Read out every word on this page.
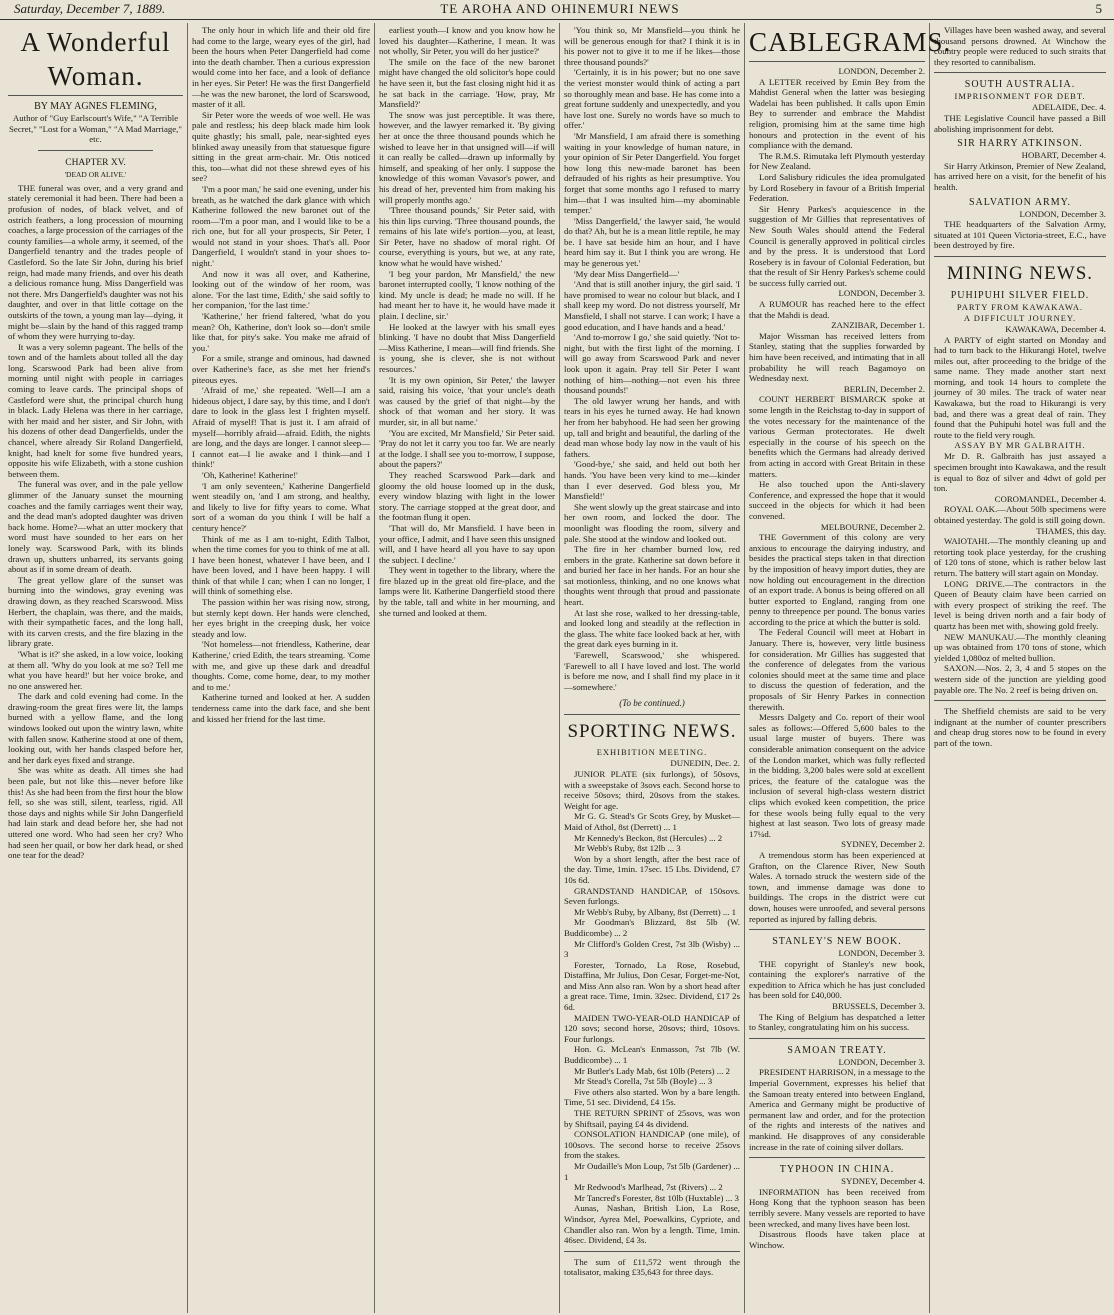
Saturday, December 7, 1889.	TE AROHA AND OHINEMURI NEWS	5
A Wonderful Woman.
BY MAY AGNES FLEMING,

Author of "Guy Earlscourt's Wife," "A Terrible Secret," "Lost for a Woman," "A Mad Marriage," etc.

CHAPTER XV.
'DEAD OR ALIVE.'

THE funeral was over, and a very grand and stately ceremonial it had been. There had been a profusion of nodes, of black velvet, and of ostrich feathers, a long procession of mourning coaches, a large procession of the carriages of the county families—a whole army, it seemed, of the Dangerfield tenantry and the trades people of Castleford. So the late Sir John, during his brief reign, had made many friends, and over his death a delicious romance hung. Miss Dangerfield was not there. Mrs Dangerfield's daughter was not his daughter, and over in that little cottage on the outskirts of the town, a young man lay—dying, it might be—slain by the hand of this ragged tramp of whom they were hurrying to-day.

It was a very solemn pageant. The bells of the town and of the hamlets about tolled all the day long. Scarswood Park had been alive from morning until night with people in carriages coming to leave cards. The principal shops of Castleford were shut, the principal church hung in black. Lady Helena was there in her carriage, with her maid and her sister, and Sir John, with his dozens of other dead Dangerfields, under the chancel, where already Sir Roland Dangerfield, knight, had knelt for some five hundred years, opposite his wife Elizabeth, with a stone cushion between them.

The funeral was over, and in the pale yellow glimmer of the January sunset the mourning coaches and the family carriages went their way, and the dead man's adopted daughter was driven back home. Home?—what an utter mockery that word must have sounded to her ears on her lonely way. Scarswood Park, with its blinds drawn up, shutters unbarred, its servants going about as if in some dream of death.

The great yellow glare of the sunset was burning into the windows, gray evening was drawing down, as they reached Scarswood. Miss Herbert, the chaplain, was there, and the maids, with their sympathetic faces, and the long hall, with its carven crests, and the fire blazing in the library grate.

'What is it?' she asked, in a low voice, looking at them all. 'Why do you look at me so? Tell me what you have heard!' but her voice broke, and no one answered her.

The dark and cold evening had come. In the drawing-room the great fires were lit, the lamps burned with a yellow flame, and the long windows looked out upon the wintry lawn, white with fallen snow. Katherine stood at one of them, looking out, with her hands clasped before her, and her dark eyes fixed and strange.

She was white as death. All times she had been pale, but not like this—never before like this! As she had been from the first hour the blow fell, so she was still, silent, tearless, rigid. All those days and nights while Sir John Dangerfield had lain stark and dead before her, she had not uttered one word. Who had seen her cry? Who had seen her quail, or bow her dark head, or shed one tear for the dead?

The only hour in which life and their old fire had come to the large, weary eyes of the girl, had been the hours when Peter Dangerfield had come into the death chamber. Then a curious expression would come into her face, and a look of defiance in her eyes. Sir Peter! He was the first Dangerfield—he was the new baronet, the lord of Scarswood, master of it all.

Sir Peter wore the weeds of woe well. He was pale and restless; his deep black made him look quite ghastly; his small, pale, near-sighted eyes blinked away uneasily from that statuesque figure sitting in the great arm-chair. Mr. Otis noticed this, too—what did not these shrewd eyes of his see?

'I'm a poor man,' he said one evening, under his breath, as he watched the dark glance with which Katherine followed the new baronet out of the room—'I'm a poor man, and I would like to be a rich one, but for all your prospects, Sir Peter, I would not stand in your shoes. That's all. Poor Dangerfield, I wouldn't stand in your shoes to-night.'

And now it was all over, and Katherine, looking out of the window of her room, was alone. 'For the last time, Edith,' she said softly to her companion, 'for the last time.'

'Katherine,' her friend faltered, 'what do you mean? Oh, Katherine, don't look so—don't smile like that, for pity's sake. You make me afraid of you.'

For a smile, strange and ominous, had dawned over Katherine's face, as she met her friend's piteous eyes.

'Afraid of me,' she repeated. 'Well—I am a hideous object, I dare say, by this time, and I don't dare to look in the glass lest I frighten myself. Afraid of myself! That is just it. I am afraid of myself—horribly afraid—afraid. Edith, the nights are long, and the days are longer. I cannot sleep—I cannot eat—I lie awake and I think—and I think!'

'Oh, Katherine! Katherine!'

'I am only seventeen,' Katherine Dangerfield went steadily on, 'and I am strong, and healthy, and likely to live for fifty years to come. What sort of a woman do you think I will be half a century hence?'

Think of me as I am to-night, Edith Talbot, when the time comes for you to think of me at all. I have been honest, whatever I have been, and I have been loved, and I have been happy. I will think of that while I can; when I can no longer, I will think of something else.

The passion within her was rising now, strong, but sternly kept down. Her hands were clenched, her eyes bright in the creeping dusk, her voice steady and low.

'Not homeless—not friendless, Katherine, dear Katherine,' cried Edith, the tears streaming. 'Come with me, and give up these dark and dreadful thoughts. Come, come home, dear, to my mother and to me.'

Katherine turned and looked at her. A sudden tenderness came into the dark face, and she bent and kissed her friend for the last time.

earliest youth—I know and you know how he loved his daughter—Katherine, I mean. It was not wholly, Sir Peter, you will do her justice?'

The smile on the face of the new baronet might have changed the old solicitor's hope could he have seen it, but the fast closing night hid it as he sat back in the carriage. 'How, pray, Mr Mansfield?'

The snow was just perceptible. It was there, however, and the lawyer remarked it. 'By giving her at once the three thousand pounds which he wished to leave her in that unsigned will—if will it can really be called—drawn up informally by himself, and speaking of her only. I suppose the knowledge of this woman Vavasor's power, and his dread of her, prevented him from making his will properly months ago.'

'Three thousand pounds,' Sir Peter said, with his thin lips curving. 'Three thousand pounds, the remains of his late wife's portion—you, at least, Sir Peter, have no shadow of moral right. Of course, everything is yours, but we, at any rate, know what he would have wished.'

'I beg your pardon, Mr Mansfield,' the new baronet interrupted coolly, 'I know nothing of the kind. My uncle is dead; he made no will. If he had meant her to have it, he would have made it plain. I decline, sir.'

He looked at the lawyer with his small eyes blinking. 'I have no doubt that Miss Dangerfield—Miss Katherine, I mean—will find friends. She is young, she is clever, she is not without resources.'

'It is my own opinion, Sir Peter,' the lawyer said, raising his voice, 'that your uncle's death was caused by the grief of that night—by the shock of that woman and her story. It was murder, sir, in all but name.'

'You are excited, Mr Mansfield,' Sir Peter said. 'Pray do not let it carry you too far. We are nearly at the lodge. I shall see you to-morrow, I suppose, about the papers?'

They reached Scarswood Park—dark and gloomy the old house loomed up in the dusk, every window blazing with light in the lower story. The carriage stopped at the great door, and the footman flung it open.

'That will do, Mr Mansfield. I have been in your office, I admit, and I have seen this unsigned will, and I have heard all you have to say upon the subject. I decline.'

They went in together to the library, where the fire blazed up in the great old fire-place, and the lamps were lit. Katherine Dangerfield stood there by the table, tall and white in her mourning, and she turned and looked at them.

'You think so, Mr Mansfield—you think he will be generous enough for that? I think it is in his power not to give it to me if he likes—those three thousand pounds?'

'Certainly, it is in his power; but no one save the veriest monster would think of acting a part so thoroughly mean and base. He has come into a great fortune suddenly and unexpectedly, and you have lost one. Surely no words have so much to offer.'

'Mr Mansfield, I am afraid there is something waiting in your knowledge of human nature, in your opinion of Sir Peter Dangerfield. You forget how long this new-made baronet has been defrauded of his rights as heir presumptive. You forget that some months ago I refused to marry him—that I was insulted him—my abominable temper.'

'Miss Dangerfield,' the lawyer said, 'he would do that? Ah, but he is a mean little reptile, he may be. I have sat beside him an hour, and I have heard him say it. But I think you are wrong. He may be generous yet.'

'My dear Miss Dangerfield—'

'And that is still another injury, the girl said. 'I have promised to wear no colour but black, and I shall keep my word. Do not distress yourself, Mr Mansfield, I shall not starve. I can work; I have a good education, and I have hands and a head.'

'And to-morrow I go,' she said quietly. 'Not to-night, but with the first light of the morning. I will go away from Scarswood Park and never look upon it again. Pray tell Sir Peter I want nothing of him—nothing—not even his three thousand pounds!'

The old lawyer wrung her hands, and with tears in his eyes he turned away. He had known her from her babyhood. He had seen her growing up, tall and bright and beautiful, the darling of the dead man whose body lay now in the vault of his fathers.

'Good-bye,' she said, and held out both her hands. 'You have been very kind to me—kinder than I ever deserved. God bless you, Mr Mansfield!'

She went slowly up the great staircase and into her own room, and locked the door. The moonlight was flooding the room, silvery and pale. She stood at the window and looked out.

The fire in her chamber burned low, red embers in the grate. Katherine sat down before it and buried her face in her hands. For an hour she sat motionless, thinking, and no one knows what thoughts went through that proud and passionate heart.

At last she rose, walked to her dressing-table, and looked long and steadily at the reflection in the glass. The white face looked back at her, with the great dark eyes burning in it.

'Farewell, Scarswood,' she whispered. 'Farewell to all I have loved and lost. The world is before me now, and I shall find my place in it—somewhere.'

(To be continued.)
SPORTING NEWS.
EXHIBITION MEETING.

DUNEDIN, Dec. 2.

JUNIOR PLATE (six furlongs), of 50sovs, with a sweepstake of 3sovs each. Second horse to receive 50sovs; third, 20sovs from the stakes. Weight for age.

Mr G. G. Stead's Gr Scots Grey, by Musket—Maid of Athol, 8st (Derrett) ... 1

Mr Kennedy's Beckon, 8st (Hercules) ... 2

Mr Webb's Ruby, 8st 12lb ... 3

Won by a short length, after the best race of the day. Time, 1min. 17sec. 15 Lbs. Dividend, £7 10s 6d.

GRANDSTAND HANDICAP, of 150sovs. Seven furlongs.

Mr Webb's Ruby, by Albany, 8st (Derrett) ... 1

Mr Goodman's Blizzard, 8st 5lb (W. Buddicombe) ... 2

Mr Clifford's Golden Crest, 7st 3lb (Wisby) ... 3

Forester, Tornado, La Rose, Rosebud, Distaffina, Mr Julius, Don Cesar, Forget-me-Not, and Miss Ann also ran. Won by a short head after a great race. Time, 1min. 32sec. Dividend, £17 2s 6d.

MAIDEN TWO-YEAR-OLD HANDICAP of 120 sovs; second horse, 20sovs; third, 10sovs. Four furlongs.

Hon. G. McLean's Enmasson, 7st 7lb (W. Buddicombe) ... 1

Mr Butler's Lady Mab, 6st 10lb (Peters) ... 2

Mr Stead's Corella, 7st 5lb (Boyle) ... 3

Five others also started. Won by a bare length. Time, 51 sec. Dividend, £4 15s.

THE RETURN SPRINT of 25sovs, was won by Shiftsail, paying £4 4s dividend.

CONSOLATION HANDICAP (one mile), of 100sovs. The second horse to receive 25sovs from the stakes.

Mr Oudaille's Mon Loup, 7st 5lb (Gardener) ... 1

Mr Redwood's Marlhead, 7st (Rivers) ... 2

Mr Tancred's Forester, 8st 10lb (Huxtable) ... 3

Aunas, Nashan, British Lion, La Rose, Windsor, Ayrea Mel, Poewalkins, Cypriote, and Chandler also ran. Won by a length. Time, 1min. 46sec. Dividend, £4 3s.

The sum of £11,572 went through the totalisator, making £35,643 for three days.

CABLEGRAMS.

LONDON, December 2.

A LETTER received by Emin Bey from the Mahdist General when the latter was besieging Wadelai has been published. It calls upon Emin Bey to surrender and embrace the Mahdist religion, promising him at the same time high honours and protection in the event of his compliance with the demand.

The R.M.S. Rimutaka left Plymouth yesterday for New Zealand.

Lord Salisbury ridicules the idea promulgated by Lord Rosebery in favour of a British Imperial Federation.

Sir Henry Parkes's acquiescence in the suggestion of Mr Gillies that representatives of New South Wales should attend the Federal Council is generally approved in political circles and by the press. It is understood that Lord Rosebery is in favour of Colonial Federation, but that the result of Sir Henry Parkes's scheme could be success fully carried out.

LONDON, December 3.

A RUMOUR has reached here to the effect that the Mahdi is dead.

ZANZIBAR, December 1.

Major Wissman has received letters from Stanley, stating that the supplies forwarded by him have been received, and intimating that in all probability he will reach Bagamoyo on Wednesday next.

BERLIN, December 2.

COUNT HERBERT BISMARCK spoke at some length in the Reichstag to-day in support of the votes necessary for the maintenance of the various German protectorates. He dwelt especially in the course of his speech on the benefits which the Germans had already derived from acting in accord with Great Britain in these matters.

He also touched upon the Anti-slavery Conference, and expressed the hope that it would succeed in the objects for which it had been convened.

MELBOURNE, December 2.

THE Government of this colony are very anxious to encourage the dairying industry, and besides the practical steps taken in that direction by the imposition of heavy import duties, they are now holding out encouragement in the direction of an export trade. A bonus is being offered on all butter exported to England, ranging from one penny to threepence per pound. The bonus varies according to the price at which the butter is sold.

The Federal Council will meet at Hobart in January. There is, however, very little business for consideration. Mr Gillies has suggested that the conference of delegates from the various colonies should meet at the same time and place to discuss the question of federation, and the proposals of Sir Henry Parkes in connection therewith.

Messrs Dalgety and Co. report of their wool sales as follows:—Offered 5,600 bales to the usual large muster of buyers. There was considerable animation consequent on the advice of the London market, which was fully reflected in the bidding. 3,200 bales were sold at excellent prices, the feature of the catalogue was the inclusion of several high-class western district clips which evoked keen competition, the price for these wools being fully equal to the very highest at last season. Two lots of greasy made 17¼d.

SYDNEY, December 2.

A tremendous storm has been experienced at Grafton, on the Clarence River, New South Wales. A tornado struck the western side of the town, and immense damage was done to buildings. The crops in the district were cut down, houses were unroofed, and several persons reported as injured by falling debris.

STANLEY'S NEW BOOK.

LONDON, December 3.

THE copyright of Stanley's new book, containing the explorer's narrative of the expedition to Africa which he has just concluded has been sold for £40,000.

BRUSSELS, December 3.

The King of Belgium has despatched a letter to Stanley, congratulating him on his success.

SAMOAN TREATY.

LONDON, December 3.

PRESIDENT HARRISON, in a message to the Imperial Government, expresses his belief that the Samoan treaty entered into between England, America and Germany might be productive of permanent law and order, and for the protection of the rights and interests of the natives and mankind. He disapproves of any considerable increase in the rate of coining silver dollars.

TYPHOON IN CHINA.

SYDNEY, December 4.

INFORMATION has been received from Hong Kong that the typhoon season has been terribly severe. Many vessels are reported to have been wrecked, and many lives have been lost.

Disastrous floods have taken place at Winchow.

Villages have been washed away, and several thousand persons drowned. At Winchow the country people were reduced to such straits that they resorted to cannibalism.

SOUTH AUSTRALIA.
IMPRISONMENT FOR DEBT.

ADELAIDE, Dec. 4.

THE Legislative Council have passed a Bill abolishing imprisonment for debt.

SIR HARRY ATKINSON.

HOBART, December 4.

Sir Harry Atkinson, Premier of New Zealand, has arrived here on a visit, for the benefit of his health.

SALVATION ARMY.

LONDON, December 3.

THE headquarters of the Salvation Army, situated at 101 Queen Victoria-street, E.C., have been destroyed by fire.

MINING NEWS.
PUHIPUHI SILVER FIELD.
PARTY FROM KAWAKAWA.
A DIFFICULT JOURNEY.

KAWAKAWA, December 4.

A PARTY of eight started on Monday and had to turn back to the Hikurangi Hotel, twelve miles out, after proceeding to the bridge of the same name. They made another start next morning, and took 14 hours to complete the journey of 30 miles. The track of water near Kawakawa, but the road to Hikurangi is very bad, and there was a great deal of rain. They found that the Puhipuhi hotel was full and the route to the field very rough.

ASSAY BY MR GALBRAITH.

Mr D. R. Galbraith has just assayed a specimen brought into Kawakawa, and the result is equal to 8oz of silver and 4dwt of gold per ton.

COROMANDEL, December 4.

ROYAL OAK.—About 50lb specimens were obtained yesterday. The gold is still going down.

THAMES, this day.

WAIOTAHI.—The monthly cleaning up and retorting took place yesterday, for the crushing of 120 tons of stone, which is rather below last return. The battery will start again on Monday.

LONG DRIVE.—The contractors in the Queen of Beauty claim have been carried on with every prospect of striking the reef. The level is being driven north and a fair body of quartz has been met with, showing gold freely.

NEW MANUKAU.—The monthly cleaning up was obtained from 170 tons of stone, which yielded 1,080oz of melted bullion.

SAXON.—Nos. 2, 3, 4 and 5 stopes on the western side of the junction are yielding good payable ore. The No. 2 reef is being driven on.

The Sheffield chemists are said to be very indignant at the number of counter prescribers and cheap drug stores now to be found in every part of the town.
